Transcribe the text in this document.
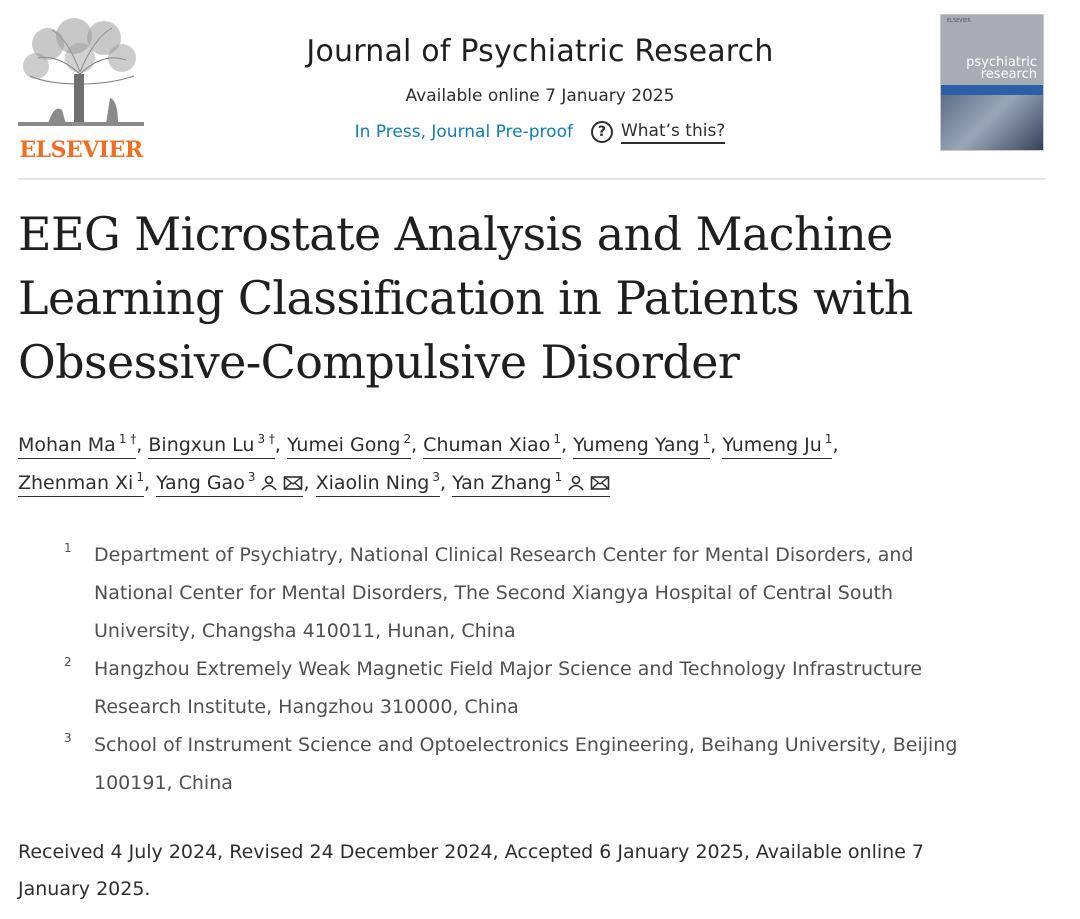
ELSEVIER
Journal of Psychiatric Research
Available online 7 January 2025
In Press, Journal Pre-proof	? What’s this?
ELSEVIER
psychiatric
research
EEG Microstate Analysis and Machine
Learning Classification in Patients with
Obsessive-Compulsive Disorder
Mohan Ma $^{1 \dagger}$, Bingxun Lu $^{3 \dagger}$, Yumei Gong $^2$, Chuman Xiao $^1$, Yumeng Yang $^1$, Yumeng Ju $^1$,
Zhenman Xi $^1$, Yang Gao $^3$	, Xiaolin Ning $^3$, Yan Zhang $^1$
1	Department of Psychiatry, National Clinical Research Center for Mental Disorders, and
National Center for Mental Disorders, The Second Xiangya Hospital of Central South
University, Changsha 410011, Hunan, China
2	Hangzhou Extremely Weak Magnetic Field Major Science and Technology Infrastructure
Research Institute, Hangzhou 310000, China
3	School of Instrument Science and Optoelectronics Engineering, Beihang University, Beijing
100191, China
Received 4 July 2024, Revised 24 December 2024, Accepted 6 January 2025, Available online 7
January 2025.
